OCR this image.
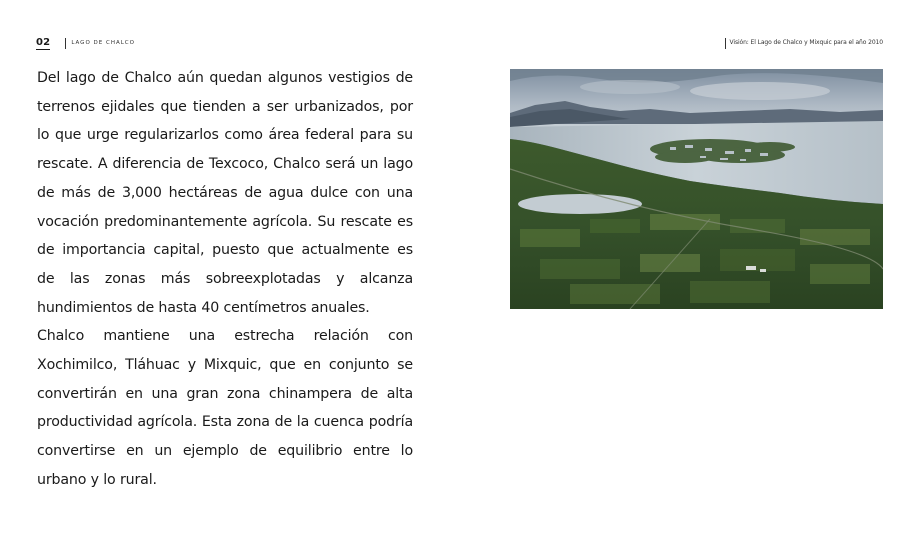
02	LAGO DE CHALCO	Visión: El Lago de Chalco y Mixquic para el año 2010

Del lago de Chalco aún quedan algunos vestigios de terrenos ejidales que tienden a ser urbanizados, por lo que urge regularizarlos como área federal para su rescate. A diferencia de Texcoco, Chalco será un lago de más de 3,000 hectáreas de agua dulce con una vocación predominantemente agrícola. Su rescate es de importancia capital, puesto que actualmente es de las zonas más sobreexplotadas y alcanza hundimientos de hasta 40 centímetros anuales.

Chalco mantiene una estrecha relación con Xochimilco, Tláhuac y Mixquic, que en conjunto se convertirán en una gran zona chinampera de alta productividad agrícola. Esta zona de la cuenca podría convertirse en un ejemplo de equilibrio entre lo urbano y lo rural.
